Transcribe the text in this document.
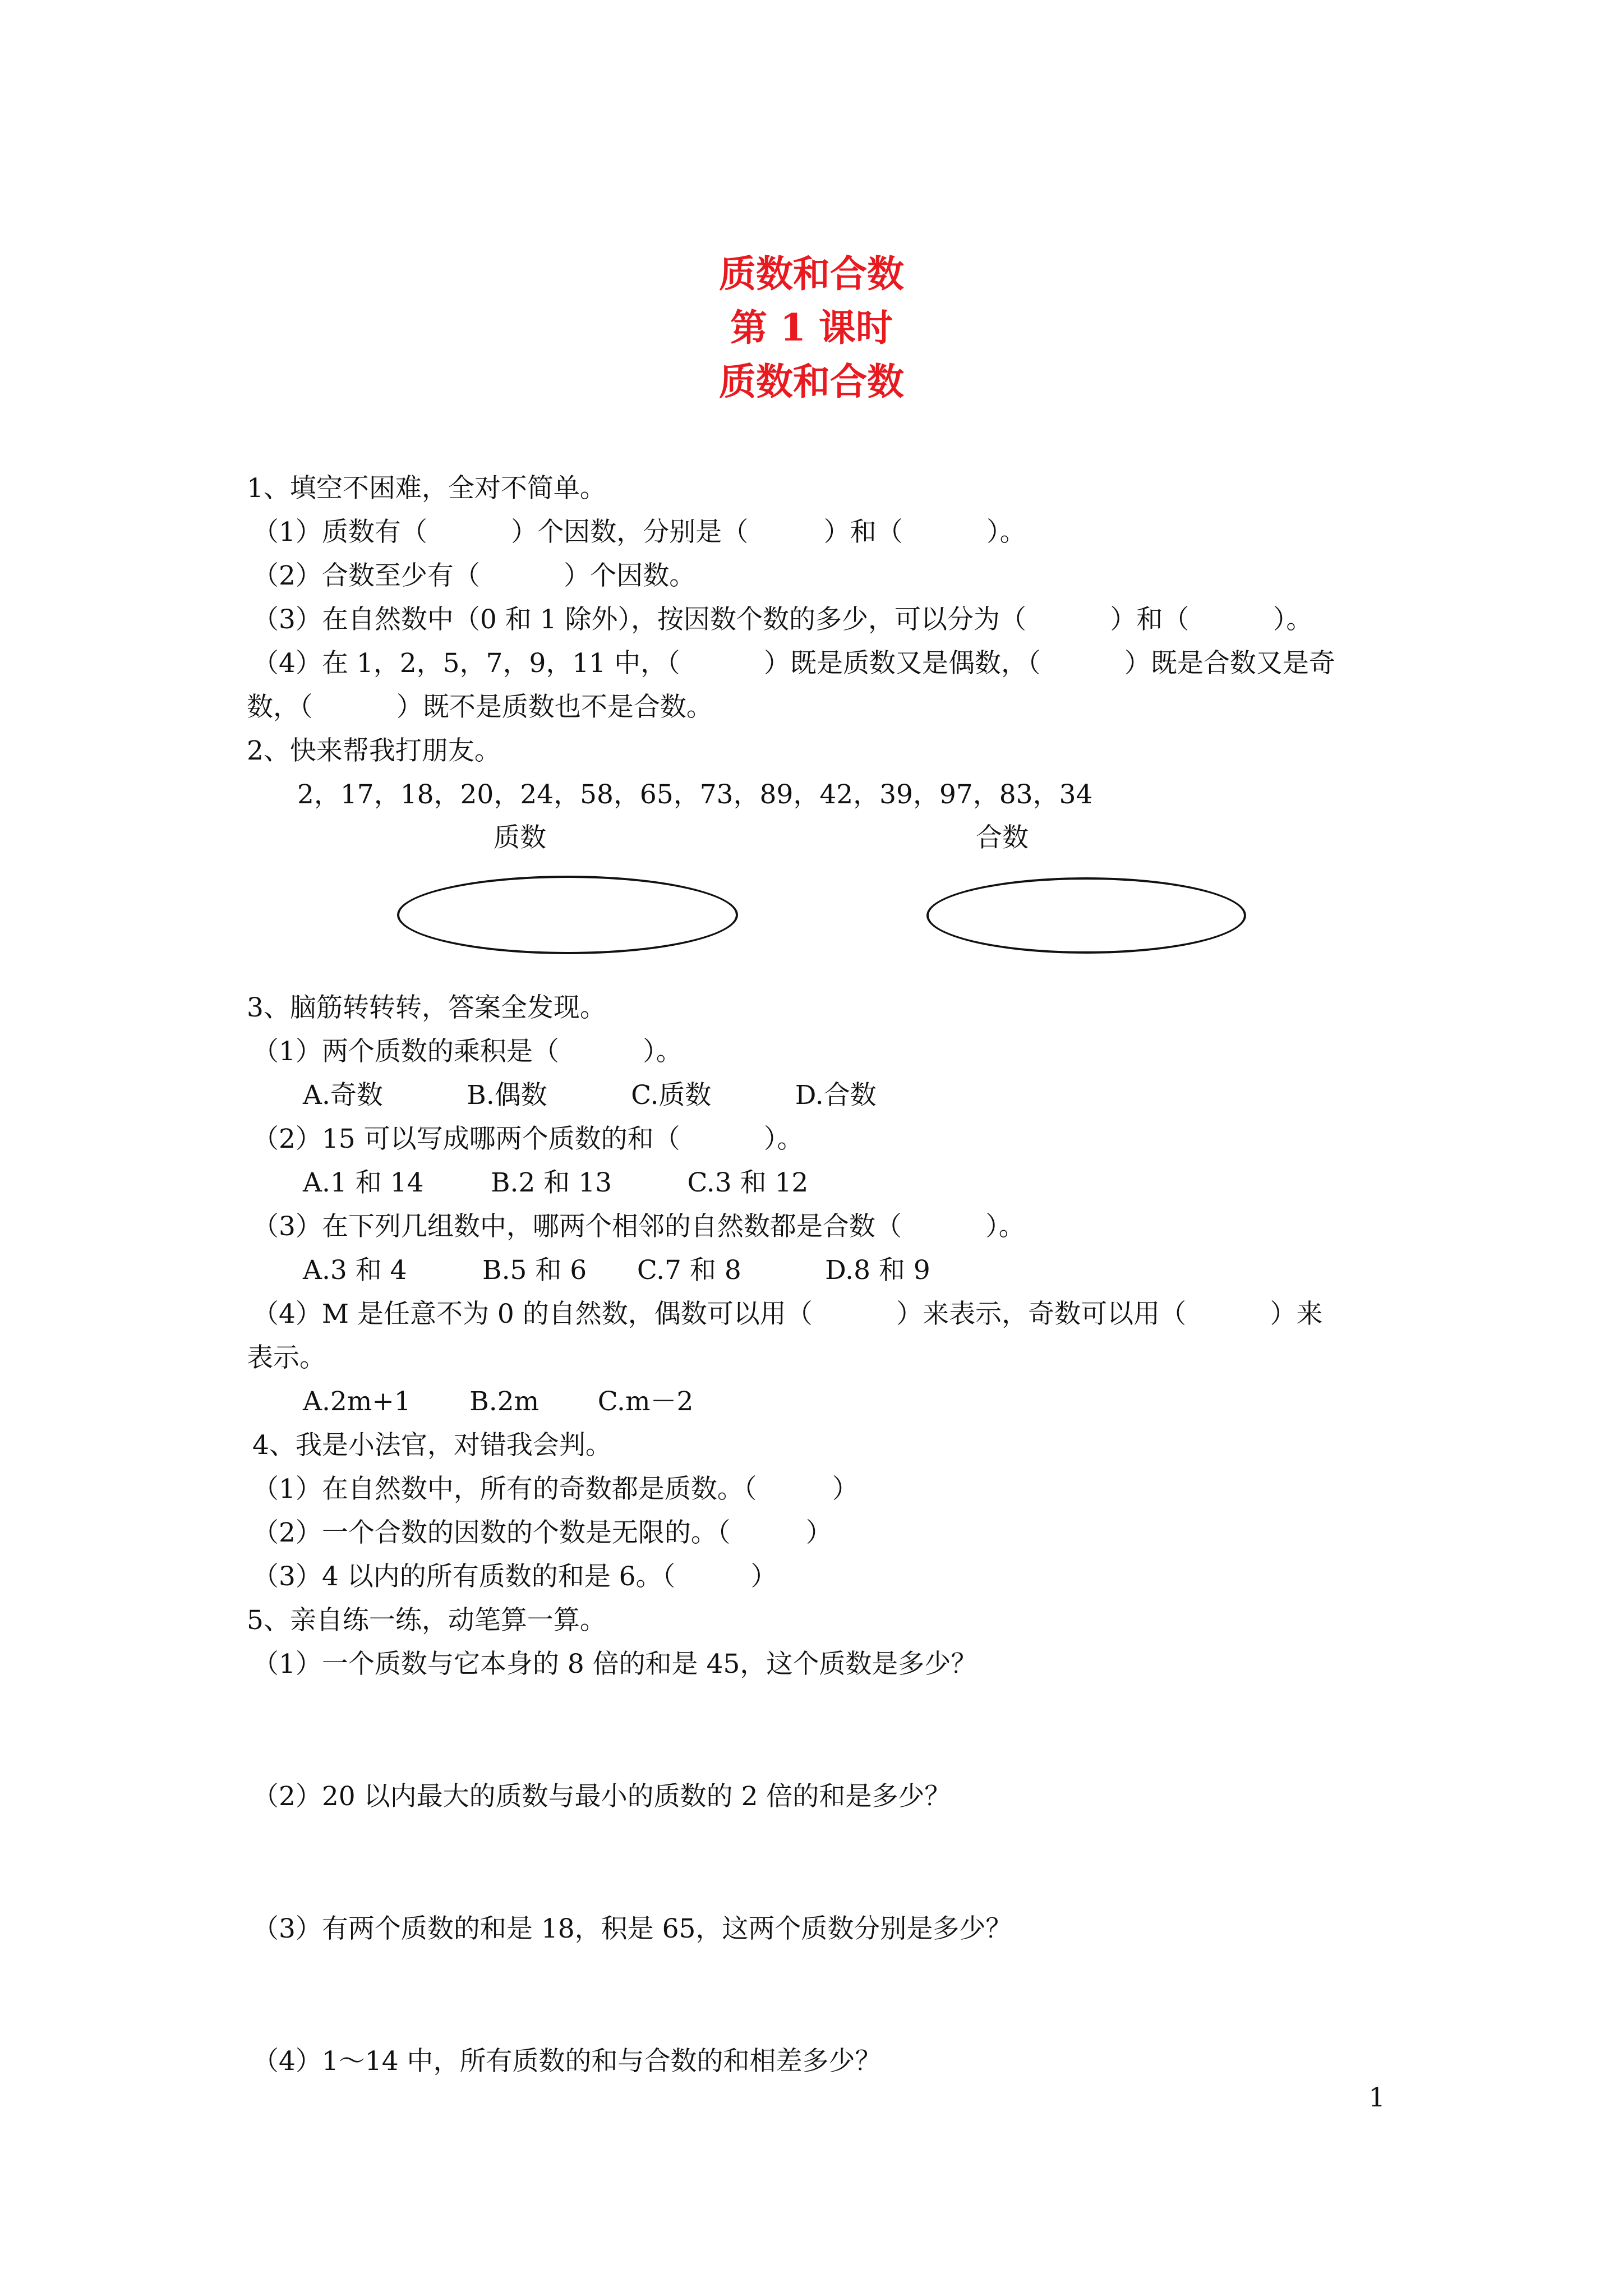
质数和合数
第 1 课时
质数和合数
1、填空不困难，全对不简单。
（1）质数有（          ）个因数，分别是（         ）和（          ）。
（2）合数至少有（          ）个因数。
（3）在自然数中（0 和 1 除外），按因数个数的多少，可以分为（          ）和（          ）。
（4）在 1，2，5，7，9，11 中，（          ）既是质数又是偶数，（          ）既是合数又是奇
数，（          ）既不是质数也不是合数。
2、快来帮我打朋友。
2，17，18，20，24，58，65，73，89，42，39，97，83，34
质数	合数
3、脑筋转转转，答案全发现。
（1）两个质数的乘积是（          ）。
A.奇数          B.偶数          C.质数          D.合数
（2）15 可以写成哪两个质数的和（          ）。
A.1 和 14        B.2 和 13         C.3 和 12
（3）在下列几组数中，哪两个相邻的自然数都是合数（          ）。
A.3 和 4         B.5 和 6      C.7 和 8          D.8 和 9
（4）M 是任意不为 0 的自然数，偶数可以用（          ）来表示，奇数可以用（          ）来
表示。
A.2m+1       B.2m       C.m－2
4、我是小法官，对错我会判。
（1）在自然数中，所有的奇数都是质数。（         ）
（2）一个合数的因数的个数是无限的。（         ）
（3）4 以内的所有质数的和是 6。（         ）
5、亲自练一练，动笔算一算。
（1）一个质数与它本身的 8 倍的和是 45，这个质数是多少？
（2）20 以内最大的质数与最小的质数的 2 倍的和是多少？
（3）有两个质数的和是 18，积是 65，这两个质数分别是多少？
（4）1～14 中，所有质数的和与合数的和相差多少？
1
